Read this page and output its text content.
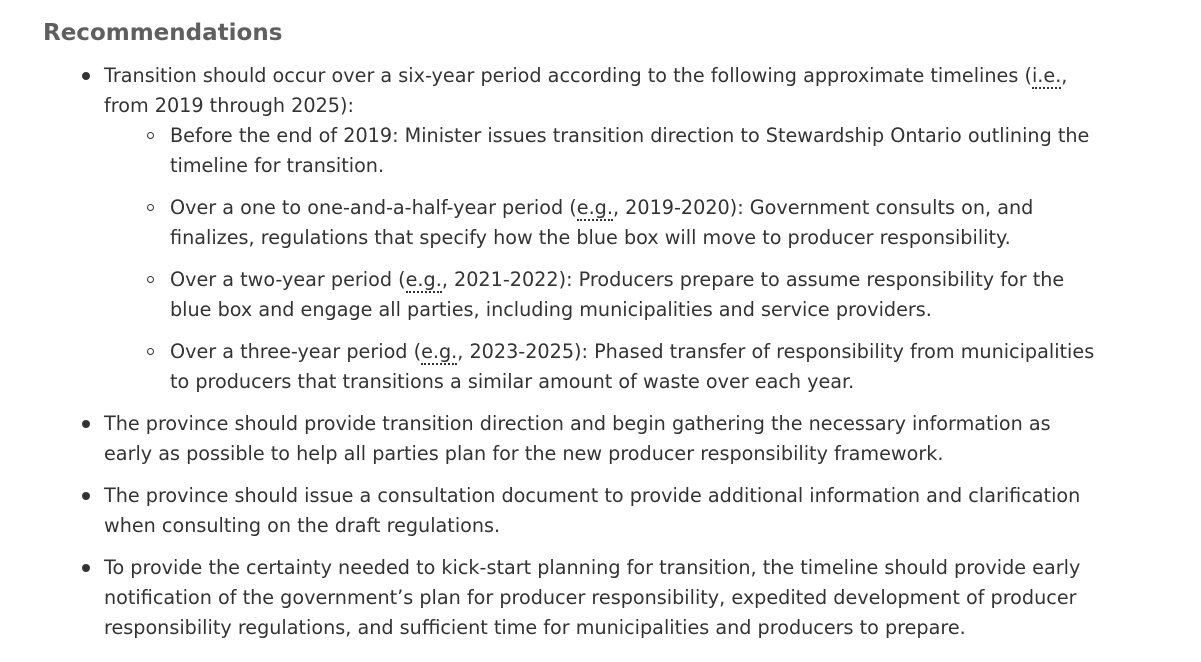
Recommendations
Transition should occur over a six-year period according to the following approximate timelines (i.e., from 2019 through 2025):
Before the end of 2019: Minister issues transition direction to Stewardship Ontario outlining the timeline for transition.
Over a one to one-and-a-half-year period (e.g., 2019-2020): Government consults on, and finalizes, regulations that specify how the blue box will move to producer responsibility.
Over a two-year period (e.g., 2021-2022): Producers prepare to assume responsibility for the blue box and engage all parties, including municipalities and service providers.
Over a three-year period (e.g., 2023-2025): Phased transfer of responsibility from municipalities to producers that transitions a similar amount of waste over each year.
The province should provide transition direction and begin gathering the necessary information as early as possible to help all parties plan for the new producer responsibility framework.
The province should issue a consultation document to provide additional information and clarification when consulting on the draft regulations.
To provide the certainty needed to kick-start planning for transition, the timeline should provide early notification of the government’s plan for producer responsibility, expedited development of producer responsibility regulations, and sufficient time for municipalities and producers to prepare.
